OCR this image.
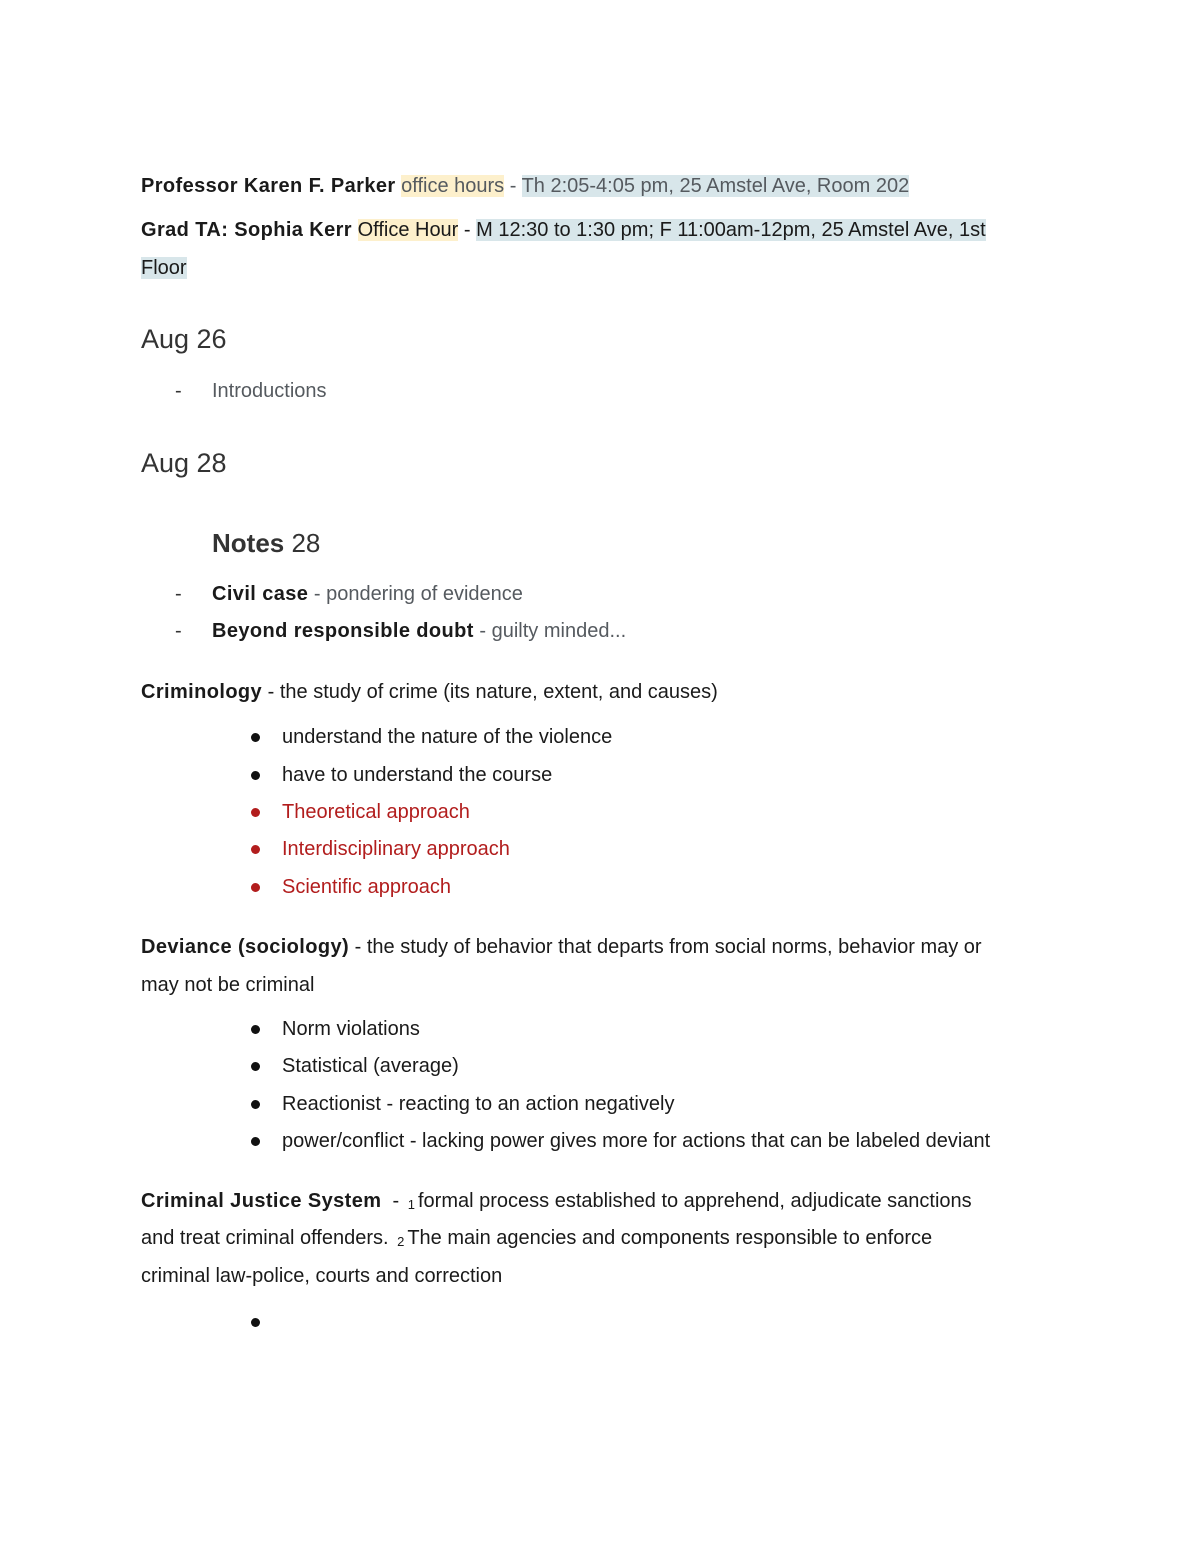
Professor Karen F. Parker office hours - Th 2:05-4:05 pm, 25 Amstel Ave, Room 202
Grad TA: Sophia Kerr Office Hour - M 12:30 to 1:30 pm; F 11:00am-12pm, 25 Amstel Ave, 1st
Floor
Aug 26
- Introductions
Aug 28
Notes 28
- Civil case - pondering of evidence
- Beyond responsible doubt - guilty minded...
Criminology - the study of crime (its nature, extent, and causes)
understand the nature of the violence
have to understand the course
Theoretical approach
Interdisciplinary approach
Scientific approach
Deviance (sociology) - the study of behavior that departs from social norms, behavior may or
may not be criminal
Norm violations
Statistical (average)
Reactionist - reacting to an action negatively
power/conflict - lacking power gives more for actions that can be labeled deviant
Criminal Justice System  - $^1$ formal process established to apprehend, adjudicate sanctions
and treat criminal offenders. $^2$ The main agencies and components responsible to enforce
criminal law-police, courts and correction
